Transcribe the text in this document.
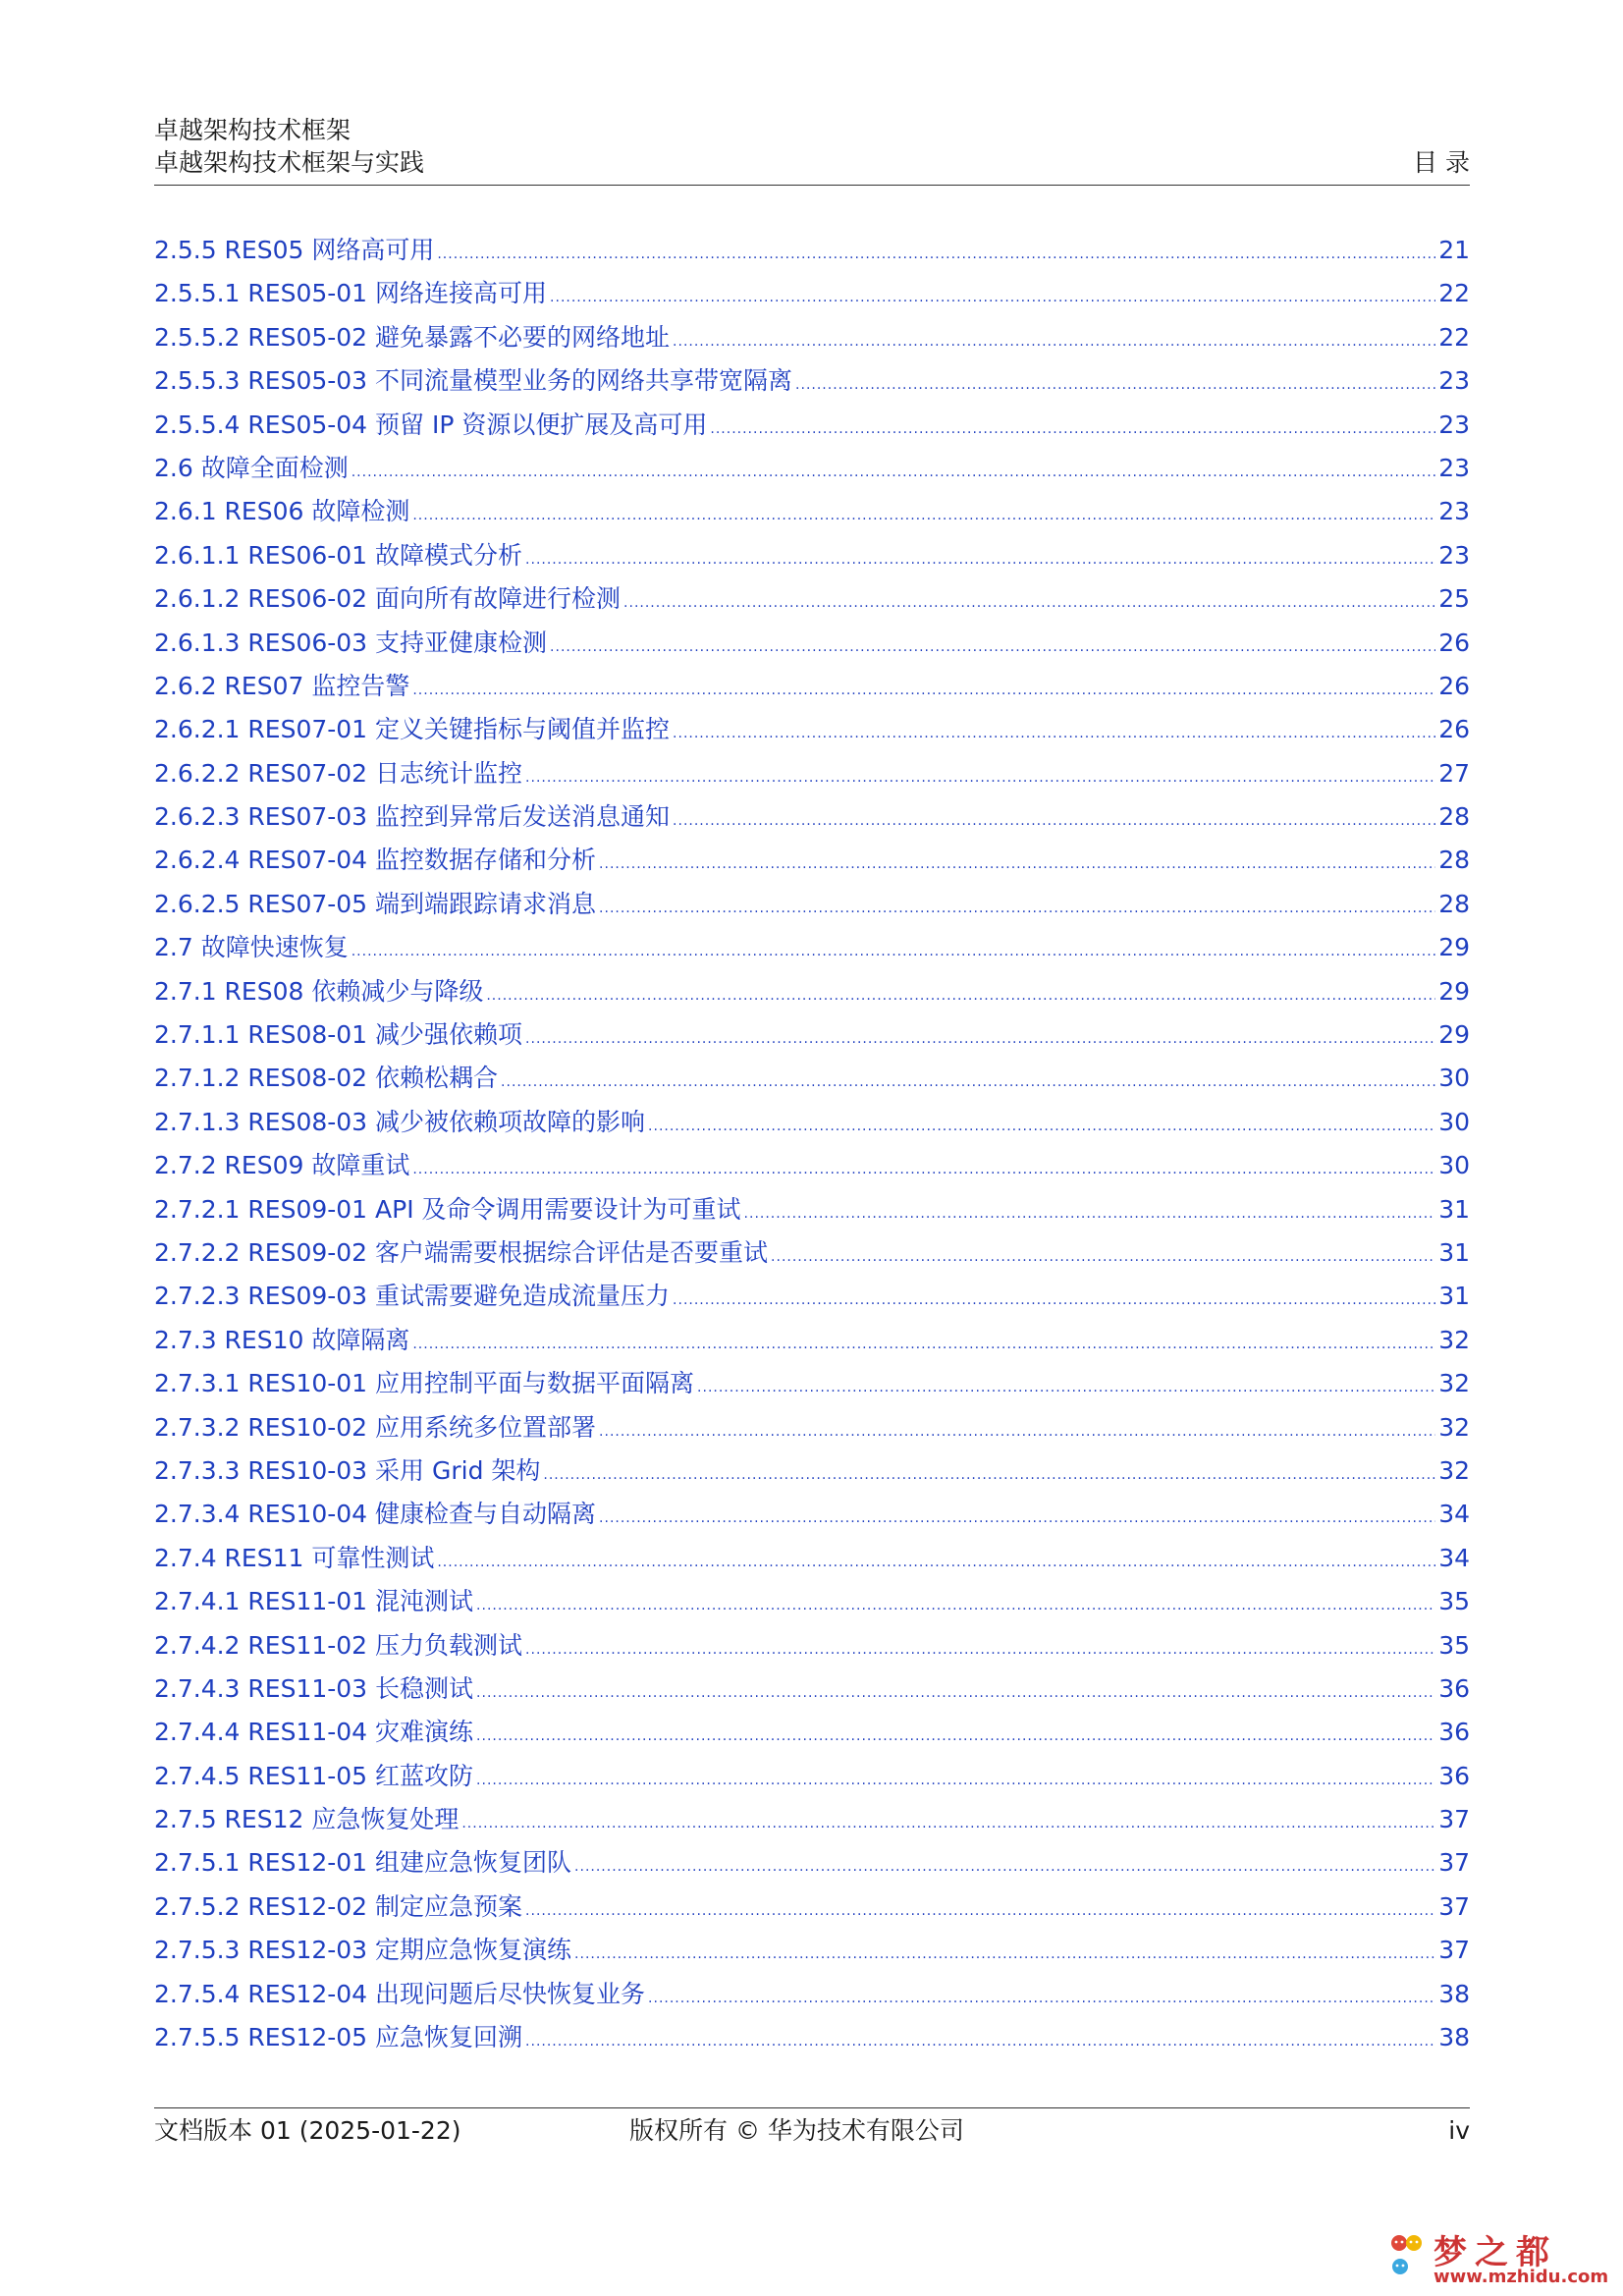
卓越架构技术框架
卓越架构技术框架与实践	目 录
2.5.5 RES05 网络高可用 .....	21
2.5.5.1 RES05-01 网络连接高可用 .....	22
2.5.5.2 RES05-02 避免暴露不必要的网络地址 .....	22
2.5.5.3 RES05-03 不同流量模型业务的网络共享带宽隔离 .....	23
2.5.5.4 RES05-04 预留 IP 资源以便扩展及高可用 .....	23
2.6 故障全面检测 .....	23
2.6.1 RES06 故障检测 .....	23
2.6.1.1 RES06-01 故障模式分析 .....	23
2.6.1.2 RES06-02 面向所有故障进行检测 .....	25
2.6.1.3 RES06-03 支持亚健康检测 .....	26
2.6.2 RES07 监控告警 .....	26
2.6.2.1 RES07-01 定义关键指标与阈值并监控 .....	26
2.6.2.2 RES07-02 日志统计监控 .....	27
2.6.2.3 RES07-03 监控到异常后发送消息通知 .....	28
2.6.2.4 RES07-04 监控数据存储和分析 .....	28
2.6.2.5 RES07-05 端到端跟踪请求消息 .....	28
2.7 故障快速恢复 .....	29
2.7.1 RES08 依赖减少与降级 .....	29
2.7.1.1 RES08-01 减少强依赖项 .....	29
2.7.1.2 RES08-02 依赖松耦合 .....	30
2.7.1.3 RES08-03 减少被依赖项故障的影响 .....	30
2.7.2 RES09 故障重试 .....	30
2.7.2.1 RES09-01 API 及命令调用需要设计为可重试 .....	31
2.7.2.2 RES09-02 客户端需要根据综合评估是否要重试 .....	31
2.7.2.3 RES09-03 重试需要避免造成流量压力 .....	31
2.7.3 RES10 故障隔离 .....	32
2.7.3.1 RES10-01 应用控制平面与数据平面隔离 .....	32
2.7.3.2 RES10-02 应用系统多位置部署 .....	32
2.7.3.3 RES10-03 采用 Grid 架构 .....	32
2.7.3.4 RES10-04 健康检查与自动隔离 .....	34
2.7.4 RES11 可靠性测试 .....	34
2.7.4.1 RES11-01 混沌测试 .....	35
2.7.4.2 RES11-02 压力负载测试 .....	35
2.7.4.3 RES11-03 长稳测试 .....	36
2.7.4.4 RES11-04 灾难演练 .....	36
2.7.4.5 RES11-05 红蓝攻防 .....	36
2.7.5 RES12 应急恢复处理 .....	37
2.7.5.1 RES12-01 组建应急恢复团队 .....	37
2.7.5.2 RES12-02 制定应急预案 .....	37
2.7.5.3 RES12-03 定期应急恢复演练 .....	37
2.7.5.4 RES12-04 出现问题后尽快恢复业务 .....	38
2.7.5.5 RES12-05 应急恢复回溯 .....	38
文档版本 01 (2025-01-22)	版权所有 © 华为技术有限公司	iv
梦之都
www.mzhidu.com
